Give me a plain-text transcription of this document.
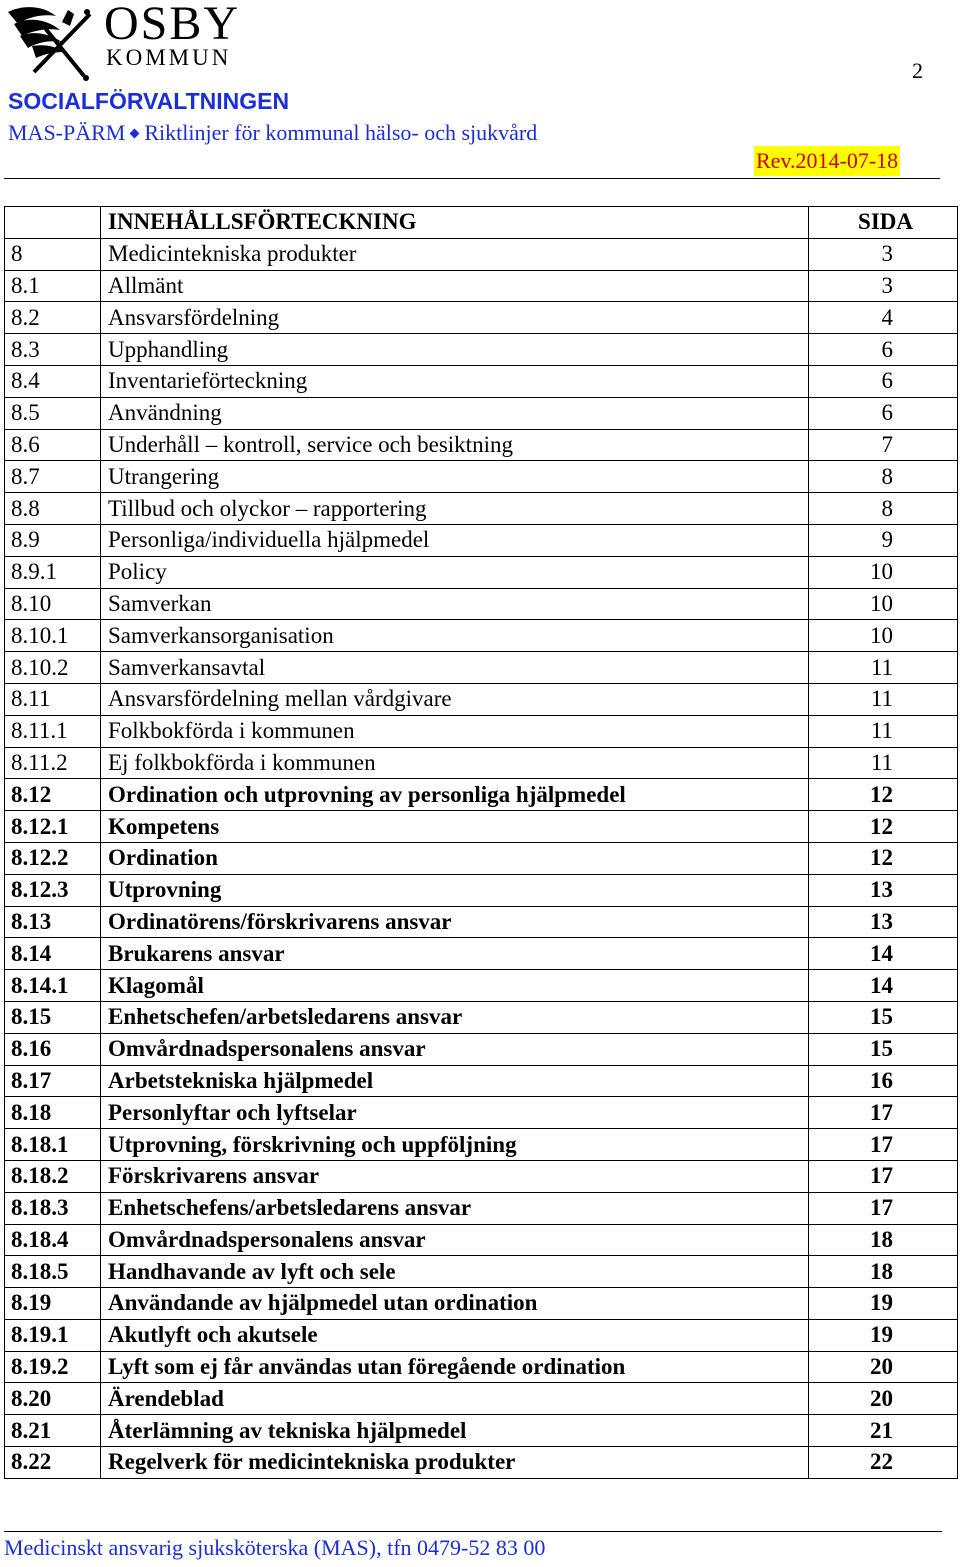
OSBY
KOMMUN
2
SOCIALFÖRVALTNINGEN
MAS-PÄRM Riktlinjer för kommunal hälso- och sjukvård
Rev.2014-07-18
	INNEHÅLLSFÖRTECKNING	SIDA
8	Medicintekniska produkter	3
8.1	Allmänt	3
8.2	Ansvarsfördelning	4
8.3	Upphandling	6
8.4	Inventarieförteckning	6
8.5	Användning	6
8.6	Underhåll – kontroll, service och besiktning	7
8.7	Utrangering	8
8.8	Tillbud och olyckor – rapportering	8
8.9	Personliga/individuella hjälpmedel	9
8.9.1	Policy	10
8.10	Samverkan	10
8.10.1	Samverkansorganisation	10
8.10.2	Samverkansavtal	11
8.11	Ansvarsfördelning mellan vårdgivare	11
8.11.1	Folkbokförda i kommunen	11
8.11.2	Ej folkbokförda i kommunen	11
8.12	Ordination och utprovning av personliga hjälpmedel	12
8.12.1	Kompetens	12
8.12.2	Ordination	12
8.12.3	Utprovning	13
8.13	Ordinatörens/förskrivarens ansvar	13
8.14	Brukarens ansvar	14
8.14.1	Klagomål	14
8.15	Enhetschefen/arbetsledarens ansvar	15
8.16	Omvårdnadspersonalens ansvar	15
8.17	Arbetstekniska hjälpmedel	16
8.18	Personlyftar och lyftselar	17
8.18.1	Utprovning, förskrivning och uppföljning	17
8.18.2	Förskrivarens ansvar	17
8.18.3	Enhetschefens/arbetsledarens ansvar	17
8.18.4	Omvårdnadspersonalens ansvar	18
8.18.5	Handhavande av lyft och sele	18
8.19	Användande av hjälpmedel utan ordination	19
8.19.1	Akutlyft och akutsele	19
8.19.2	Lyft som ej får användas utan föregående ordination	20
8.20	Ärendeblad	20
8.21	Återlämning av tekniska hjälpmedel	21
8.22	Regelverk för medicintekniska produkter	22
Medicinskt ansvarig sjuksköterska (MAS), tfn 0479-52 83 00
